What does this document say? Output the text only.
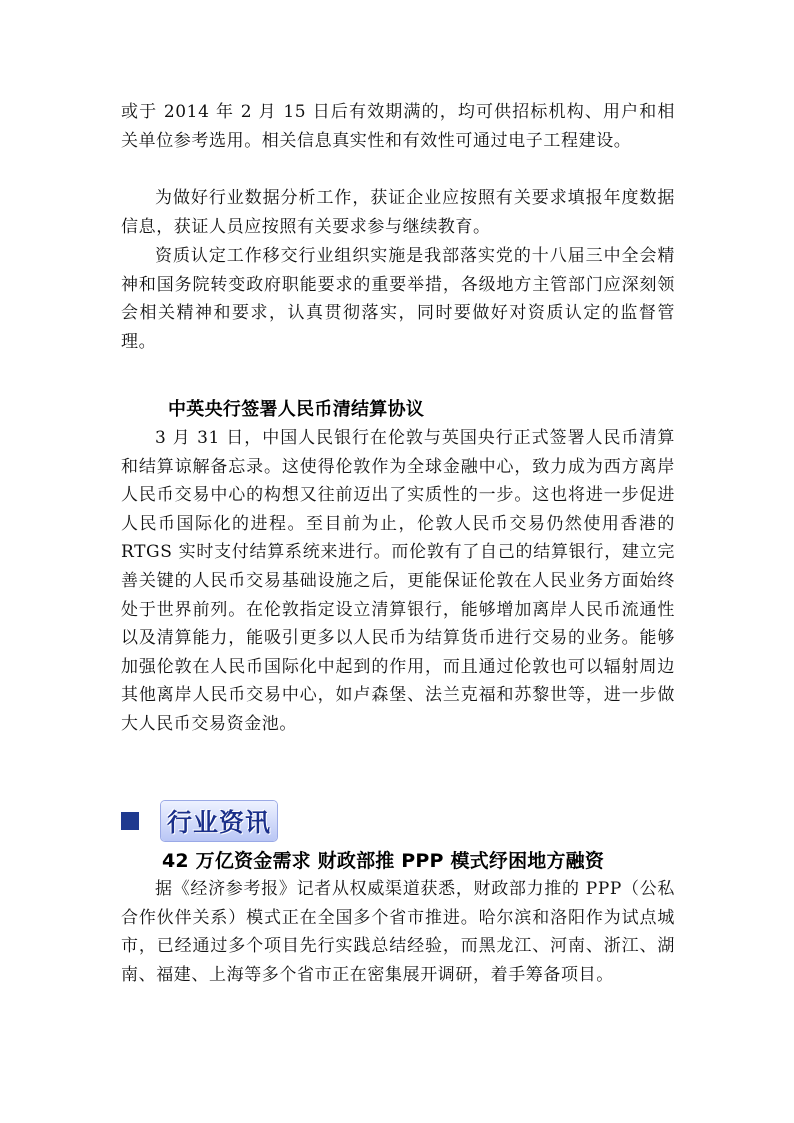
或于 2014 年 2 月 15 日后有效期满的，均可供招标机构、用户和相关单位参考选用。相关信息真实性和有效性可通过电子工程建设。

为做好行业数据分析工作，获证企业应按照有关要求填报年度数据信息，获证人员应按照有关要求参与继续教育。

资质认定工作移交行业组织实施是我部落实党的十八届三中全会精神和国务院转变政府职能要求的重要举措，各级地方主管部门应深刻领会相关精神和要求，认真贯彻落实，同时要做好对资质认定的监督管理。

中英央行签署人民币清结算协议

3 月 31 日，中国人民银行在伦敦与英国央行正式签署人民币清算和结算谅解备忘录。这使得伦敦作为全球金融中心，致力成为西方离岸人民币交易中心的构想又往前迈出了实质性的一步。这也将进一步促进人民币国际化的进程。至目前为止，伦敦人民币交易仍然使用香港的 RTGS 实时支付结算系统来进行。而伦敦有了自己的结算银行，建立完善关键的人民币交易基础设施之后，更能保证伦敦在人民业务方面始终处于世界前列。在伦敦指定设立清算银行，能够增加离岸人民币流通性以及清算能力，能吸引更多以人民币为结算货币进行交易的业务。能够加强伦敦在人民币国际化中起到的作用，而且通过伦敦也可以辐射周边其他离岸人民币交易中心，如卢森堡、法兰克福和苏黎世等，进一步做大人民币交易资金池。

行业资讯
42 万亿资金需求 财政部推 PPP 模式纾困地方融资

据《经济参考报》记者从权威渠道获悉，财政部力推的 PPP（公私合作伙伴关系）模式正在全国多个省市推进。哈尔滨和洛阳作为试点城市，已经通过多个项目先行实践总结经验，而黑龙江、河南、浙江、湖南、福建、上海等多个省市正在密集展开调研，着手筹备项目。
